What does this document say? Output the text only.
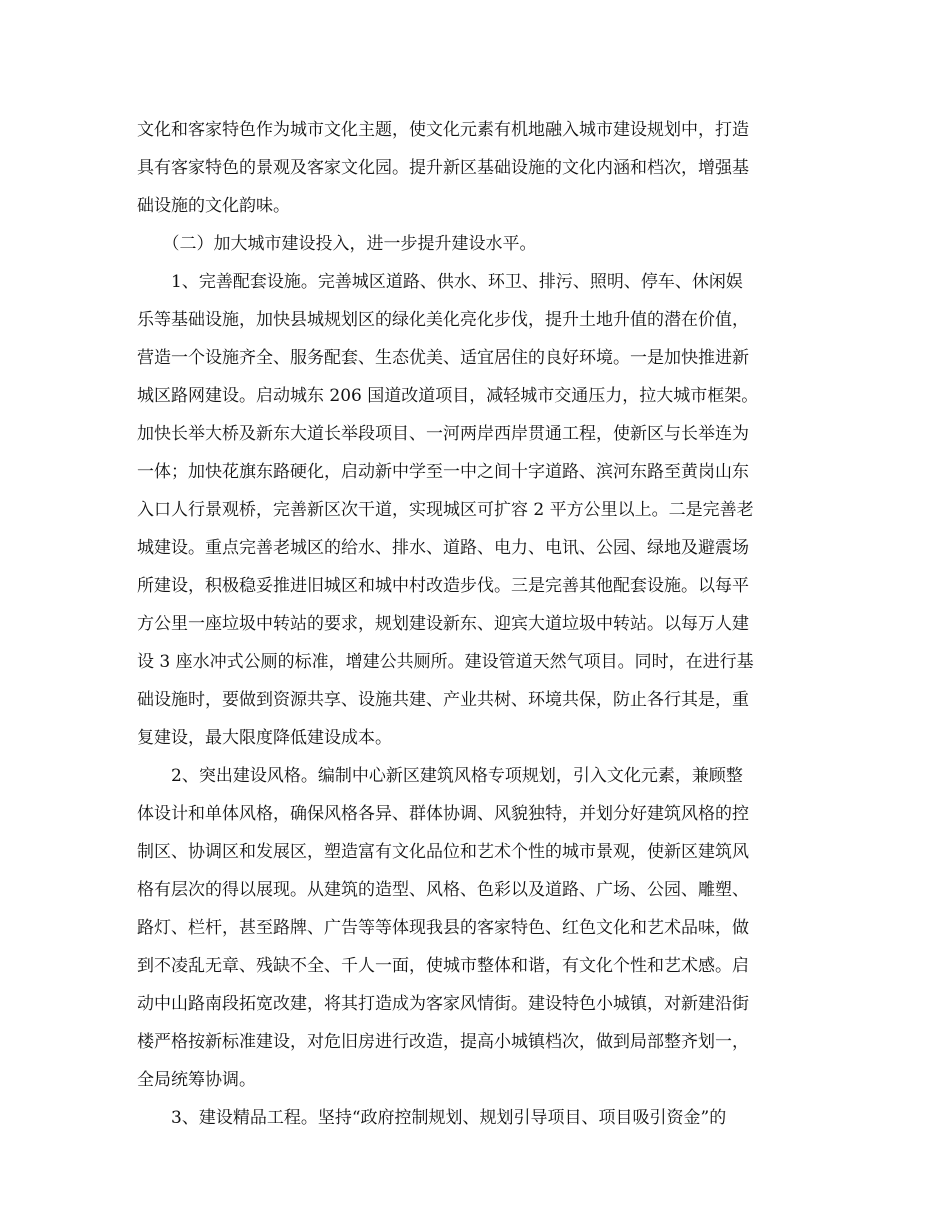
文化和客家特色作为城市文化主题，使文化元素有机地融入城市建设规划中，打造
具有客家特色的景观及客家文化园。提升新区基础设施的文化内涵和档次，增强基
础设施的文化韵味。
　　（二）加大城市建设投入，进一步提升建设水平。
　　1、完善配套设施。完善城区道路、供水、环卫、排污、照明、停车、休闲娱
乐等基础设施，加快县城规划区的绿化美化亮化步伐，提升土地升值的潜在价值，
营造一个设施齐全、服务配套、生态优美、适宜居住的良好环境。一是加快推进新
城区路网建设。启动城东 206 国道改道项目，减轻城市交通压力，拉大城市框架。
加快长举大桥及新东大道长举段项目、一河两岸西岸贯通工程，使新区与长举连为
一体；加快花旗东路硬化，启动新中学至一中之间十字道路、滨河东路至黄岗山东
入口人行景观桥，完善新区次干道，实现城区可扩容 2 平方公里以上。二是完善老
城建设。重点完善老城区的给水、排水、道路、电力、电讯、公园、绿地及避震场
所建设，积极稳妥推进旧城区和城中村改造步伐。三是完善其他配套设施。以每平
方公里一座垃圾中转站的要求，规划建设新东、迎宾大道垃圾中转站。以每万人建
设 3 座水冲式公厕的标准，增建公共厕所。建设管道天然气项目。同时，在进行基
础设施时，要做到资源共享、设施共建、产业共树、环境共保，防止各行其是，重
复建设，最大限度降低建设成本。
　　2、突出建设风格。编制中心新区建筑风格专项规划，引入文化元素，兼顾整
体设计和单体风格，确保风格各异、群体协调、风貌独特，并划分好建筑风格的控
制区、协调区和发展区，塑造富有文化品位和艺术个性的城市景观，使新区建筑风
格有层次的得以展现。从建筑的造型、风格、色彩以及道路、广场、公园、雕塑、
路灯、栏杆，甚至路牌、广告等等体现我县的客家特色、红色文化和艺术品味，做
到不凌乱无章、残缺不全、千人一面，使城市整体和谐，有文化个性和艺术感。启
动中山路南段拓宽改建，将其打造成为客家风情街。建设特色小城镇，对新建沿街
楼严格按新标准建设，对危旧房进行改造，提高小城镇档次，做到局部整齐划一，
全局统筹协调。
　　3、建设精品工程。坚持“政府控制规划、规划引导项目、项目吸引资金”的
